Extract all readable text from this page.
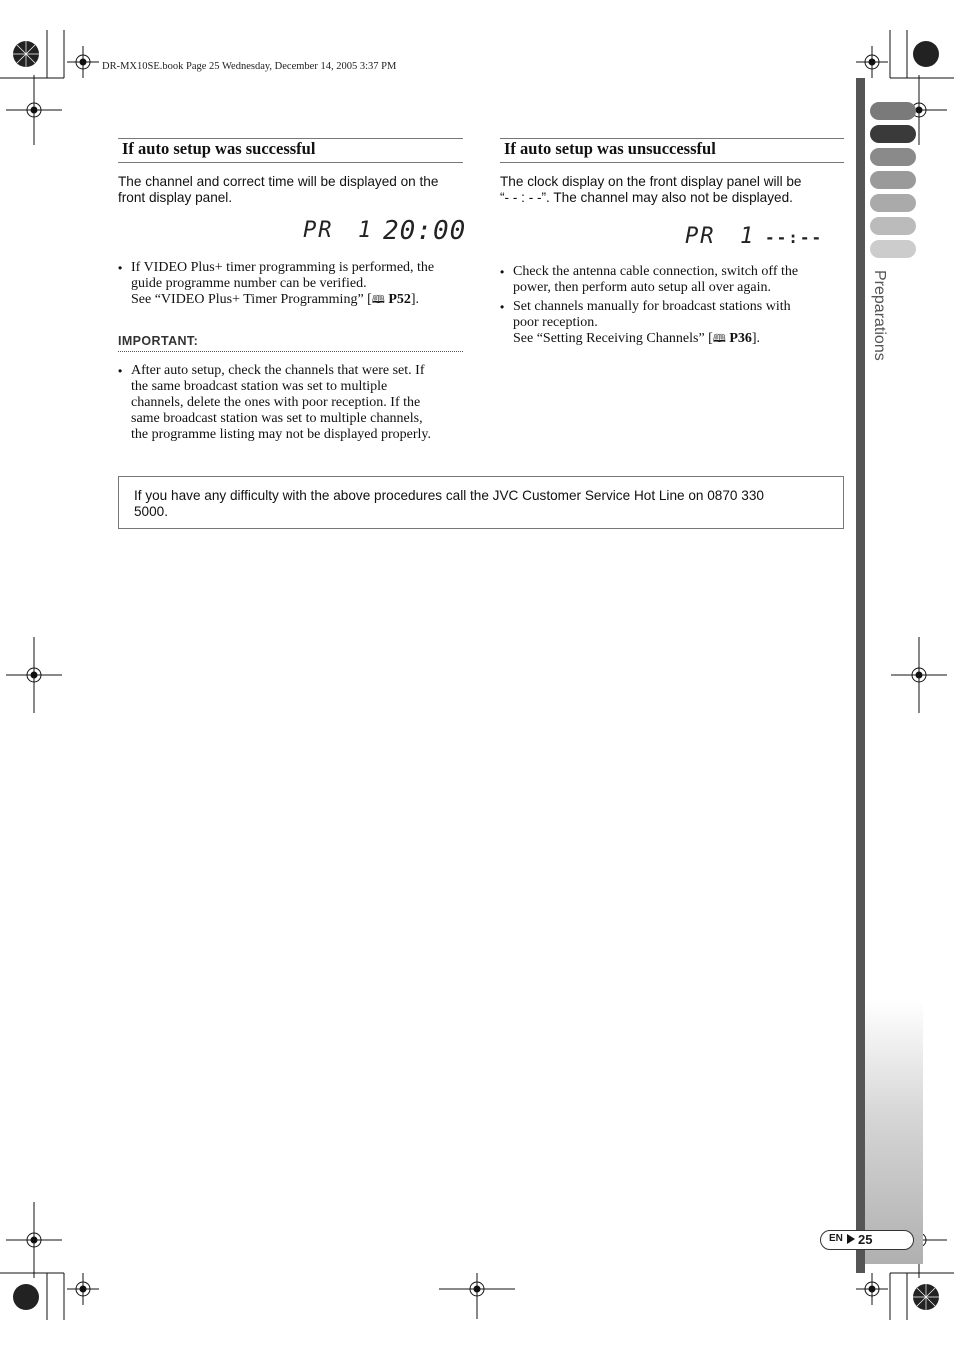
DR-MX10SE.book Page 25 Wednesday, December 14, 2005 3:37 PM
If auto setup was successful
The channel and correct time will be displayed on the front display panel.
PR 1 20:00
• If VIDEO Plus+ timer programming is performed, the
guide programme number can be verified.
See “VIDEO Plus+ Timer Programming” [🕮 P52].
IMPORTANT:
• After auto setup, check the channels that were set. If
the same broadcast station was set to multiple
channels, delete the ones with poor reception. If the
same broadcast station was set to multiple channels,
the programme listing may not be displayed properly.
If auto setup was unsuccessful
The clock display on the front display panel will be
“- - : - -”. The channel may also not be displayed.
PR 1 --:--
• Check the antenna cable connection, switch off the
power, then perform auto setup all over again.
• Set channels manually for broadcast stations with
poor reception.
See “Setting Receiving Channels” [🕮 P36].
If you have any difficulty with the above procedures call the JVC Customer Service Hot Line on 0870 330
5000.
Preparations
EN 25
